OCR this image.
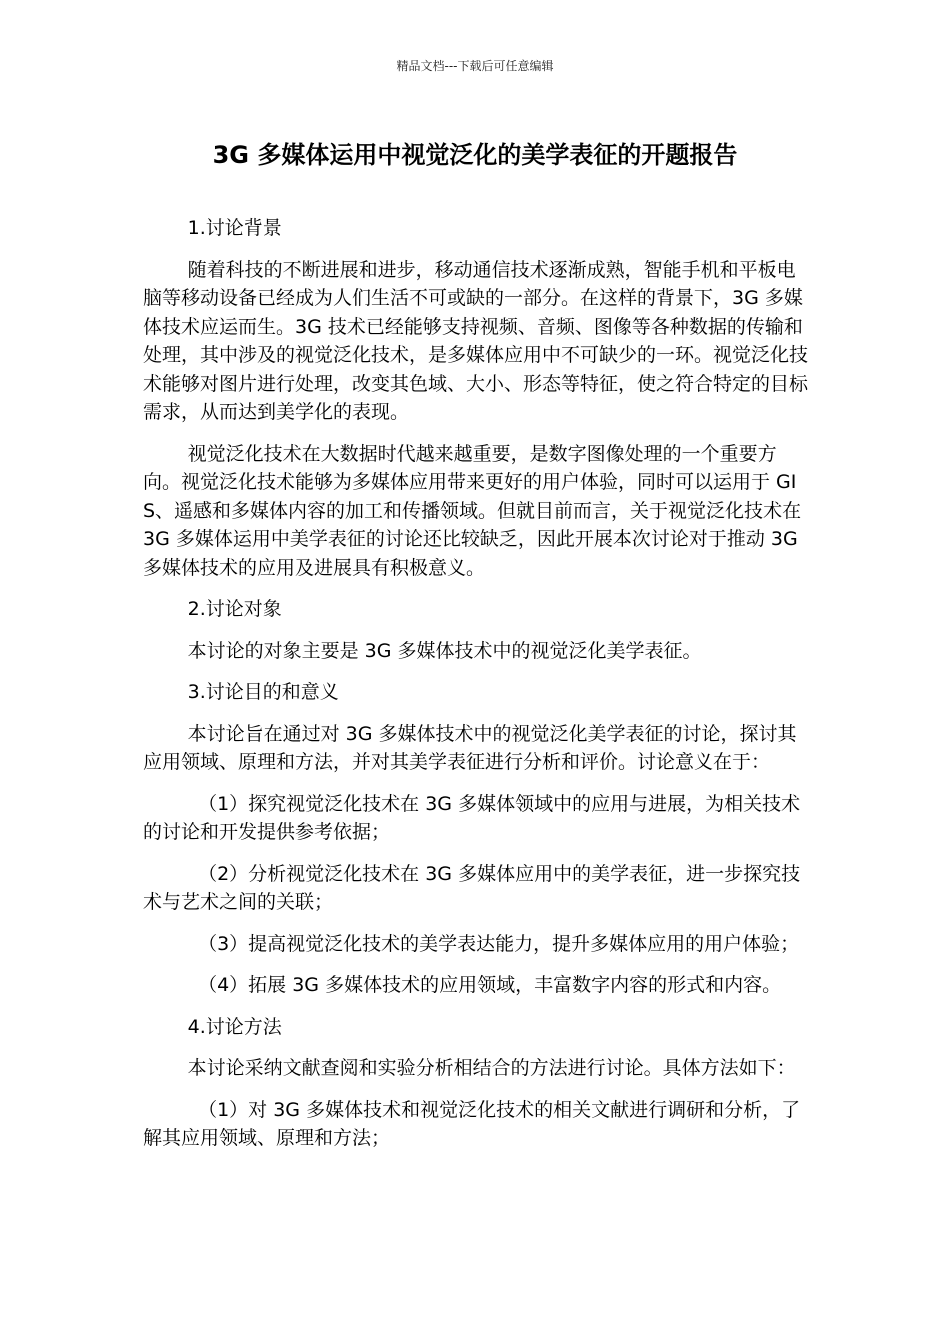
精品文档---下载后可任意编辑
3G 多媒体运用中视觉泛化的美学表征的开题报告

1.讨论背景

随着科技的不断进展和进步，移动通信技术逐渐成熟，智能手机和平板电脑等移动设备已经成为人们生活不可或缺的一部分。在这样的背景下，3G 多媒体技术应运而生。3G 技术已经能够支持视频、音频、图像等各种数据的传输和处理，其中涉及的视觉泛化技术，是多媒体应用中不可缺少的一环。视觉泛化技术能够对图片进行处理，改变其色域、大小、形态等特征，使之符合特定的目标需求，从而达到美学化的表现。

视觉泛化技术在大数据时代越来越重要，是数字图像处理的一个重要方向。视觉泛化技术能够为多媒体应用带来更好的用户体验，同时可以运用于 GIS、遥感和多媒体内容的加工和传播领域。但就目前而言，关于视觉泛化技术在 3G 多媒体运用中美学表征的讨论还比较缺乏，因此开展本次讨论对于推动 3G 多媒体技术的应用及进展具有积极意义。

2.讨论对象

本讨论的对象主要是 3G 多媒体技术中的视觉泛化美学表征。

3.讨论目的和意义

本讨论旨在通过对 3G 多媒体技术中的视觉泛化美学表征的讨论，探讨其应用领域、原理和方法，并对其美学表征进行分析和评价。讨论意义在于：

（1）探究视觉泛化技术在 3G 多媒体领域中的应用与进展，为相关技术的讨论和开发提供参考依据；

（2）分析视觉泛化技术在 3G 多媒体应用中的美学表征，进一步探究技术与艺术之间的关联；

（3）提高视觉泛化技术的美学表达能力，提升多媒体应用的用户体验；

（4）拓展 3G 多媒体技术的应用领域，丰富数字内容的形式和内容。

4.讨论方法

本讨论采纳文献查阅和实验分析相结合的方法进行讨论。具体方法如下：

（1）对 3G 多媒体技术和视觉泛化技术的相关文献进行调研和分析，了解其应用领域、原理和方法；
